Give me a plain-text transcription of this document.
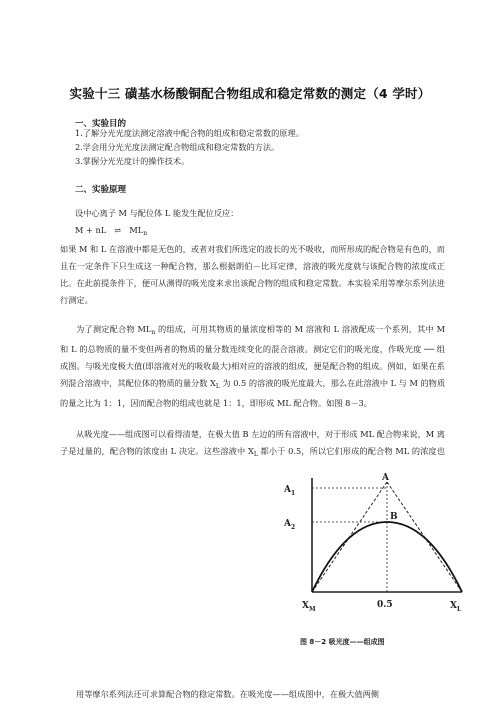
实验十三 磺基水杨酸铜配合物组成和稳定常数的测定（4 学时）
一、实验目的
1.了解分光光度法测定溶液中配合物的组成和稳定常数的原理。
2.学会用分光光度法测定配合物组成和稳定常数的方法。
3.掌握分光光度计的操作技术。
二、实验原理
设中心离子 M 与配位体 L 能发生配位反应：
M + nL ⇌ $ML_n$
如果 M 和 L 在溶液中都是无色的，或者对我们所选定的波长的光不吸收，而所形成的配合物是有色的，而且在一定条件下只生成这一种配合物，那么根据朗伯－比耳定律，溶液的吸光度就与该配合物的浓度成正比。在此前提条件下，便可从测得的吸光度来求出该配合物的组成和稳定常数。本实验采用等摩尔系列法进行测定。
为了测定配合物 $ML_n$ 的组成，可用其物质的量浓度相等的 M 溶液和 L 溶液配成一个系列，其中 M 和 L 的总物质的量不变但两者的物质的量分数连续变化的混合溶液。测定它们的吸光度，作吸光度 ── 组成图。与吸光度极大值(即溶液对光的吸收最大)相对应的溶液的组成，便是配合物的组成。例如，如果在系列混合溶液中，其配位体的物质的量分数 $X_L$ 为 0.5 的溶液的吸光度最大，那么在此溶液中 L 与 M 的物质的量之比为 1：1，因而配合物的组成也就是 1：1，即形成 ML 配合物。如图 8－3。
从吸光度——组成图可以看得清楚，在极大值 B 左边的所有溶液中，对于形成 ML 配合物来说，M 离子是过量的，配合物的浓度由 L 决定。这些溶液中 $X_L$ 都小于 0.5，所以它们形成的配合物 ML 的浓度也
用等摩尔系列法还可求算配合物的稳定常数。在吸光度——组成图中，在极大值两侧
$A_1$
$A_2$
A
B
$X_M$	0.5	$X_L$
图 8－2 吸光度——组成图
